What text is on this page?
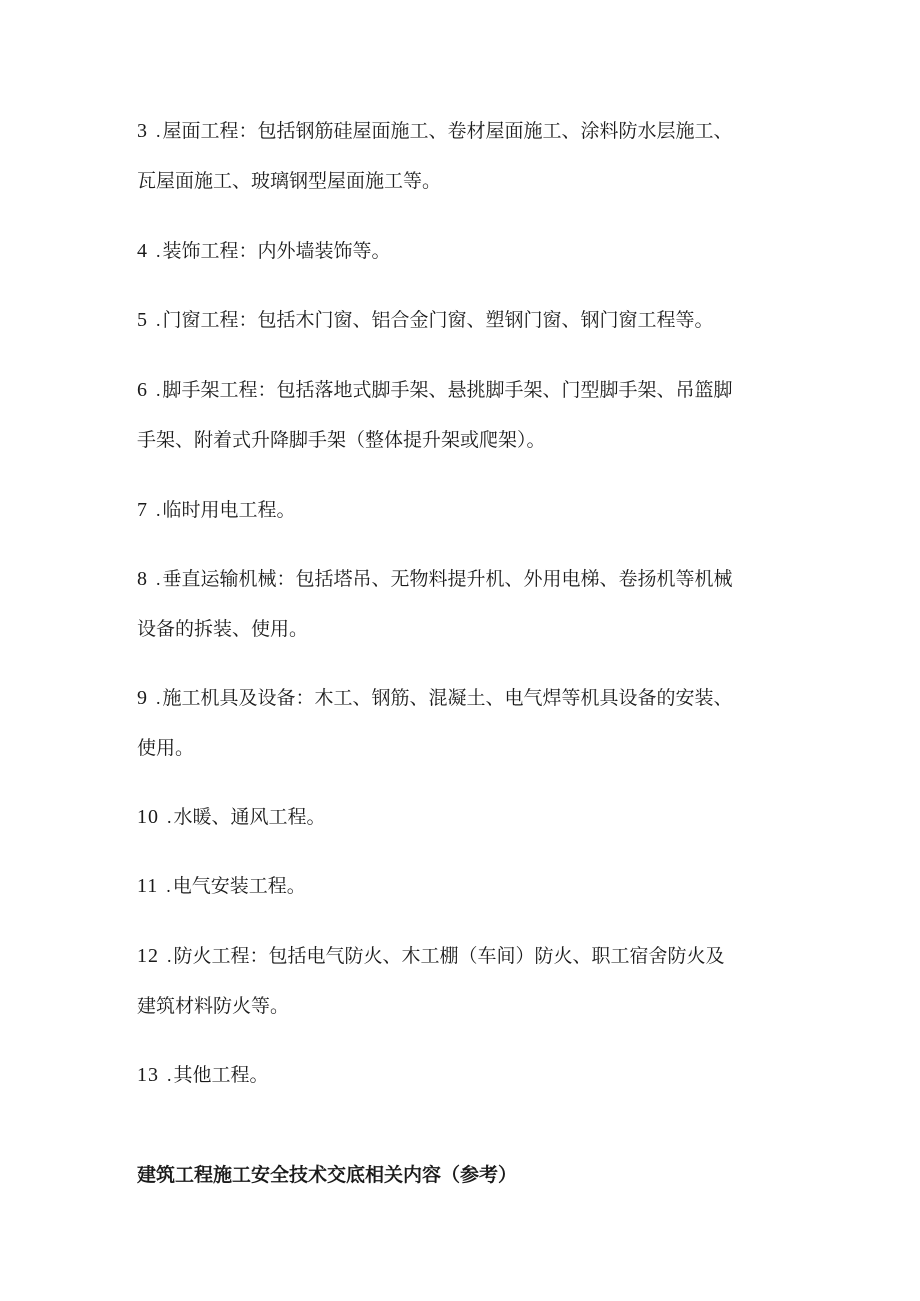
3 . 屋面工程：包括钢筋硅屋面施工、卷材屋面施工、涂料防水层施工、
瓦屋面施工、玻璃钢型屋面施工等。
4 . 装饰工程：内外墙装饰等。
5 . 门窗工程：包括木门窗、铝合金门窗、塑钢门窗、钢门窗工程等。
6 . 脚手架工程：包括落地式脚手架、悬挑脚手架、门型脚手架、吊篮脚
手架、附着式升降脚手架（整体提升架或爬架）。
7 . 临时用电工程。
8 . 垂直运输机械：包括塔吊、无物料提升机、外用电梯、卷扬机等机械
设备的拆装、使用。
9 . 施工机具及设备：木工、钢筋、混凝土、电气焊等机具设备的安装、
使用。
10 . 水暖、通风工程。
11 . 电气安装工程。
12 . 防火工程：包括电气防火、木工棚（车间）防火、职工宿舍防火及
建筑材料防火等。
13 . 其他工程。
建筑工程施工安全技术交底相关内容（参考）
